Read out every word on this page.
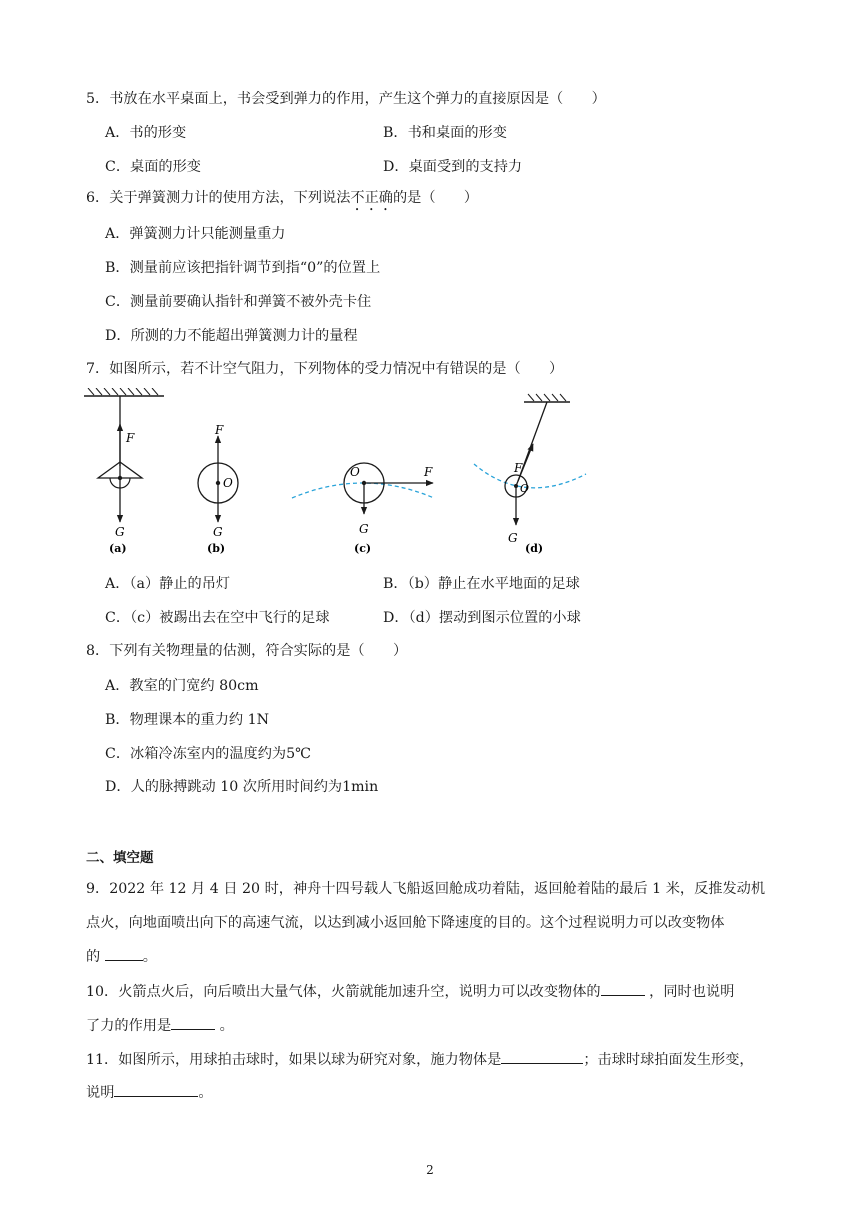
5．书放在水平桌面上，书会受到弹力的作用，产生这个弹力的直接原因是（　　）
A．书的形变	B．书和桌面的形变
C．桌面的形变	D．桌面受到的支持力
6．关于弹簧测力计的使用方法，下列说法不正确的是（　　）
A．弹簧测力计只能测量重力
B．测量前应该把指针调节到指“0”的位置上
C．测量前要确认指针和弹簧不被外壳卡住
D．所测的力不能超出弹簧测力计的量程
7．如图所示，若不计空气阻力，下列物体的受力情况中有错误的是（　　）
F
G
(a)
F
O
G
(b)
O	F
G
(c)
F
O
G
(d)
A．（a）静止的吊灯	B．（b）静止在水平地面的足球
C．（c）被踢出去在空中飞行的足球	D．（d）摆动到图示位置的小球
8．下列有关物理量的估测，符合实际的是（　　）
A．教室的门宽约 80cm
B．物理课本的重力约 1N
C．冰箱冷冻室内的温度约为5℃
D．人的脉搏跳动 10 次所用时间约为1min
二、填空题
9．2022 年 12 月 4 日 20 时，神舟十四号载人飞船返回舱成功着陆，返回舱着陆的最后 1 米，反推发动机
点火，向地面喷出向下的高速气流，以达到减小返回舱下降速度的目的。这个过程说明力可以改变物体
的	。
10．火箭点火后，向后喷出大量气体，火箭就能加速升空，说明力可以改变物体的	，同时也说明
了力的作用是	。
11．如图所示，用球拍击球时，如果以球为研究对象，施力物体是	；击球时球拍面发生形变，
说明	。
2
